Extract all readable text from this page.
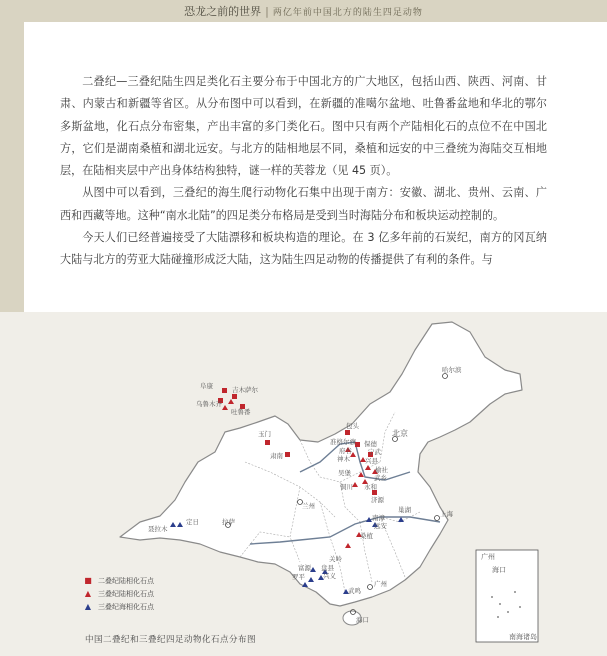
恐龙之前的世界 | 两亿年前中国北方的陆生四足动物

二叠纪—三叠纪陆生四足类化石主要分布于中国北方的广大地区，包括山西、陕西、河南、甘肃、内蒙古和新疆等省区。从分布图中可以看到，在新疆的准噶尔盆地、吐鲁番盆地和华北的鄂尔多斯盆地，化石点分布密集，产出丰富的多门类化石。图中只有两个产陆相化石的点位不在中国北方，它们是湖南桑植和湖北远安。与北方的陆相地层不同，桑植和远安的中三叠统为海陆交互相地层，在陆相夹层中产出身体结构独特，谜一样的芙蓉龙（见 45 页）。

从图中可以看到，三叠纪的海生爬行动物化石集中出现于南方：安徽、湖北、贵州、云南、广西和西藏等地。这种“南水北陆”的四足类分布格局是受到当时海陆分布和板块运动控制的。

今天人们已经普遍接受了大陆漂移和板块构造的理论。在 3 亿多年前的石炭纪，南方的冈瓦纳大陆与北方的劳亚大陆碰撞形成泛大陆，这为陆生四足动物的传播提供了有利的条件。与

广州
海口
南海诸岛
阜康	吉木萨尔
乌鲁木齐
吐鲁番
玉门
肃南
兰州
包头
准格尔旗
府谷
神木
保德
宁武
兴县
榆社
武乡
吴堡
永和
铜川
济源
北京
哈尔滨
巢湖	上海
南漳
远安
桑植
关岭
盘县
兴义
富源
罗平
武鸣
广州
海口
聂拉木
定日	拉萨
■ 二叠纪陆相化石点
▲ 三叠纪陆相化石点
▲ 三叠纪海相化石点
中国二叠纪和三叠纪四足动物化石点分布图
